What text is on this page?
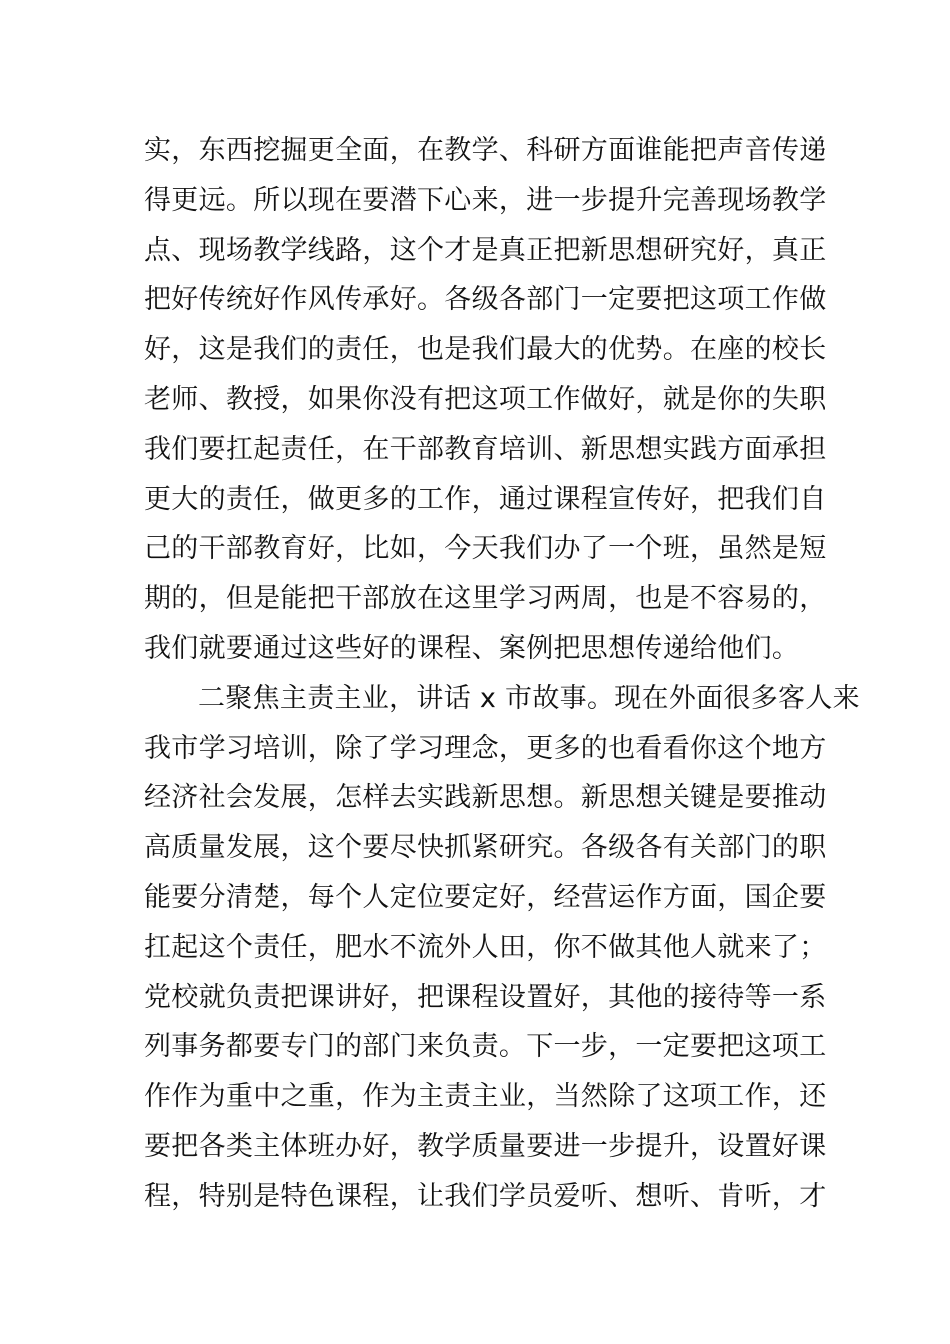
实，东西挖掘更全面，在教学、科研方面谁能把声音传递
得更远。所以现在要潜下心来，进一步提升完善现场教学
点、现场教学线路，这个才是真正把新思想研究好，真正
把好传统好作风传承好。各级各部门一定要把这项工作做
好，这是我们的责任，也是我们最大的优势。在座的校长
老师、教授，如果你没有把这项工作做好，就是你的失职
我们要扛起责任，在干部教育培训、新思想实践方面承担
更大的责任，做更多的工作，通过课程宣传好，把我们自
己的干部教育好，比如，今天我们办了一个班，虽然是短
期的，但是能把干部放在这里学习两周，也是不容易的，
我们就要通过这些好的课程、案例把思想传递给他们。
二聚焦主责主业，讲话 x 市故事。现在外面很多客人来
我市学习培训，除了学习理念，更多的也看看你这个地方
经济社会发展，怎样去实践新思想。新思想关键是要推动
高质量发展，这个要尽快抓紧研究。各级各有关部门的职
能要分清楚，每个人定位要定好，经营运作方面，国企要
扛起这个责任，肥水不流外人田，你不做其他人就来了；
党校就负责把课讲好，把课程设置好，其他的接待等一系
列事务都要专门的部门来负责。下一步，一定要把这项工
作作为重中之重，作为主责主业，当然除了这项工作，还
要把各类主体班办好，教学质量要进一步提升，设置好课
程，特别是特色课程，让我们学员爱听、想听、肯听，才
